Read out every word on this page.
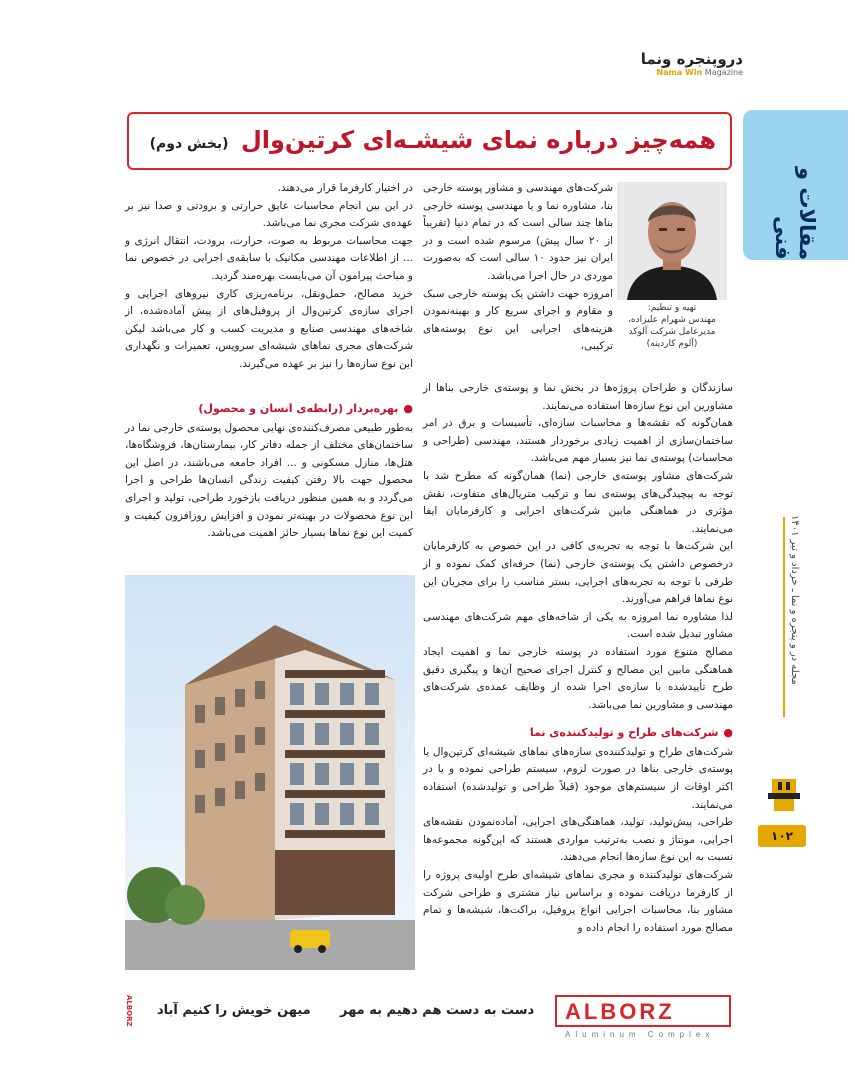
دروپنجره ونما
Nama Win Magazine
همه‌چیز درباره نمای شیشـه‌ای کرتین‌وال (بخش دوم)
مقالات و فنی
مجله در و پنجره و نما ـ خرداد و تیر ۱۴۰۱
۱۰۲
تهیه و تنظیم:
مهندس شهرام علیزاده،
مدیرعامل شرکت آلوکد
(آلوم کاردینه)

شرکت‌های مهندسی و مشاور پوسته خارجی بنا، مشاوره نما و یا مهندسی پوسته خارجی بناها چند سالی است که در تمام دنیا (تقریباً از ۲۰ سال پیش) مرسوم شده است و در ایران نیز حدود ۱۰ سالی است که به‌صورت موردی در حال اجرا می‌باشد.

امروزه جهت داشتن یک پوسته خارجی سبک و مقاوم و اجرای سریع کار و بهینه‌نمودن هزینه‌های اجرایی این نوع پوسته‌های ترکیبی،

سازندگان و طراحان پروژه‌ها در بخش نما و پوسته‌ی خارجی بناها از مشاورین این نوع سازه‌ها استفاده می‌نمایند.

همان‌گونه که نقشه‌ها و محاسبات سازه‌ای، تأسیسات و برق در امر ساختمان‌سازی از اهمیت زیادی برخوردار هستند، مهندسی (طراحی و محاسبات) پوسته‌ی نما نیز بسیار مهم می‌باشد.

شرکت‌های مشاور پوسته‌ی خارجی (نما) همان‌گونه که مطرح شد با توجه به پیچیدگی‌های پوسته‌ی نما و ترکیب متریال‌های متفاوت، نقش مؤثری در هماهنگی مابین شرکت‌های اجرایی و کارفرمایان ایفا می‌نمایند.

این شرکت‌ها با توجه به تجربه‌ی کافی در این خصوص به کارفرمایان درخصوص داشتن یک پوسته‌ی خارجی (نما) حرفه‌ای کمک نموده و از طرفی با توجه به تجربه‌های اجرایی، بستر مناسب را برای مجریان این نوع نماها فراهم می‌آورند.

لذا مشاوره نما امروزه به یکی از شاخه‌های مهم شرکت‌های مهندسی مشاور تبدیل شده است.

مصالح متنوع مورد استفاده در پوسته خارجی نما و اهمیت ایجاد هماهنگی مابین این مصالح و کنترل اجرای صحیح آن‌ها و پیگیری دقیق طرح تأییدشده با سازه‌ی اجرا شده از وظایف عمده‌ی شرکت‌های مهندسی و مشاورین نما می‌باشد.

●شرکت‌های طراح و تولیدکننده‌ی نما

شرکت‌های طراح و تولیدکننده‌ی سازه‌های نماهای شیشه‌ای کرتین‌وال یا پوسته‌ی خارجی بناها در صورت لزوم، سیستم طراحی نموده و یا در اکثر اوقات از سیستم‌های موجود (قبلاً طراحی و تولیدشده) استفاده می‌نمایند.

طراحی، پیش‌تولید، تولید، هماهنگی‌های اجرایی، آماده‌نمودن نقشه‌های اجرایی، مونتاژ و نصب به‌ترتیب مواردی هستند که این‌گونه مجموعه‌ها نسبت به این نوع سازه‌ها انجام می‌دهند.

شرکت‌های تولیدکننده و مجری نماهای شیشه‌ای طرح اولیه‌ی پروژه را از کارفرما دریافت نموده و براساس نیاز مشتری و طراحی شرکت مشاور بنا، محاسبات اجرایی انواع پروفیل، براکت‌ها، شیشه‌ها و تمام مصالح مورد استفاده را انجام داده و

در اختیار کارفرما قرار می‌دهند.

در این بین انجام محاسبات عایق حرارتی و برودتی و صدا نیز بر عهده‌ی شرکت مجری نما می‌باشد.

جهت محاسبات مربوط به صوت، حرارت، برودت، انتقال انرژی و ... از اطلاعات مهندسی مکانیک با سابقه‌ی اجرایی در خصوص نما و مباحث پیرامون آن می‌بایست بهره‌مند گردید.

خرید مصالح، حمل‌ونقل، برنامه‌ریزی کاری نیروهای اجرایی و اجرای سازه‌ی کرتین‌وال از پروفیل‌های از پیش آماده‌شده، از شاخه‌های مهندسی صنایع و مدیریت کسب و کار می‌باشد لیکن شرکت‌های مجری نماهای شیشه‌ای سرویس، تعمیرات و نگهداری این نوع سازه‌ها را نیز بر عهده می‌گیرند.

●بهره‌بردار (رابطه‌ی انسان و محصول)

به‌طور طبیعی مصرف‌کننده‌ی نهایی محصول پوسته‌ی خارجی نما در ساختمان‌های مختلف از جمله دفاتر کار، بیمارستان‌ها، فروشگاه‌ها، هتل‌ها، منازل مسکونی و ... افراد جامعه می‌باشند، در اصل این محصول جهت بالا رفتن کیفیت زندگی انسان‌ها طراحی و اجرا می‌گردد و به همین منظور دریافت بازخورد طراحی، تولید و اجرای این نوع محصولات در بهینه‌تر نمودن و افزایش روزافزون کیفیت و کمیت این نوع نماها بسیار حائز اهمیت می‌باشد.

ALBORZ
Aluminum Complex
دست به دست هم دهیم به مهر
میهن خویش را کنیم آباد
ALBORZ
